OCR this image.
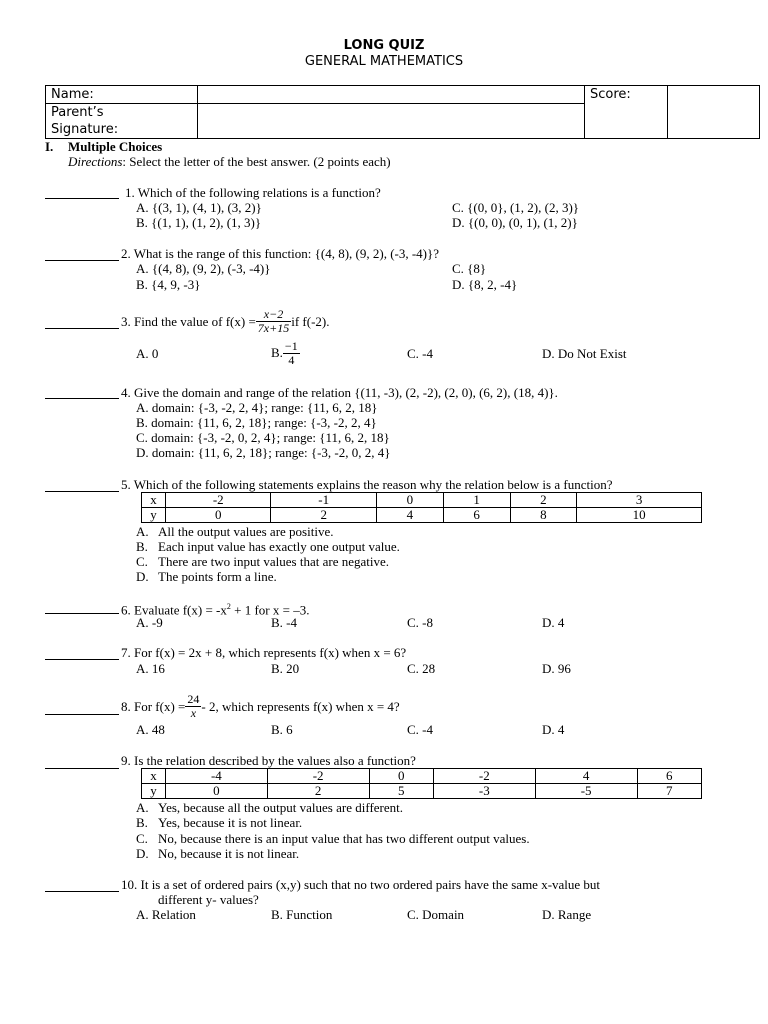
LONG QUIZ
GENERAL MATHEMATICS
Name:		Score:	
Parent’s
Signature:			
I. Multiple Choices
Directions: Select the letter of the best answer. (2 points each)
1. Which of the following relations is a function?
A. {(3, 1), (4, 1), (3, 2)}	C. {(0, 0}, (1, 2), (2, 3)}
B. {(1, 1), (1, 2), (1, 3)}	D. {(0, 0), (0, 1), (1, 2)}
2. What is the range of this function: {(4, 8), (9, 2), (-3, -4)}?
A. {(4, 8), (9, 2), (-3, -4)}	C. {8}
B. {4, 9, -3}	D. {8, 2, -4}
3. Find the value of $f(x) = \frac{x-2}{7x+15}$ if f(-2).
A. 0	B. $\frac{-1}{4}$	C. -4	D. Do Not Exist
4. Give the domain and range of the relation {(11, -3), (2, -2), (2, 0), (6, 2), (18, 4)}.
A. domain: {-3, -2, 2, 4}; range: {11, 6, 2, 18}
B. domain: {11, 6, 2, 18}; range: {-3, -2, 2, 4}
C. domain: {-3, -2, 0, 2, 4}; range: {11, 6, 2, 18}
D. domain: {11, 6, 2, 18}; range: {-3, -2, 0, 2, 4}
5. Which of the following statements explains the reason why the relation below is a function?
x	-2	-1	0	1	2	3
y	0	2	4	6	8	10
A. All the output values are positive.
B. Each input value has exactly one output value.
C. There are two input values that are negative.
D. The points form a line.
6. Evaluate $f(x) = -x^2 + 1$ for x = –3.
A. -9	B. -4	C. -8	D. 4
7. For f(x) = 2x + 8, which represents f(x) when x = 6?
A. 16	B. 20	C. 28	D. 96
8. For $f(x) = \frac{24}{x} - 2$, which represents f(x) when x = 4?
A. 48	B. 6	C. -4	D. 4
9. Is the relation described by the values also a function?
x	-4	-2	0	-2	4	6
y	0	2	5	-3	-5	7
A. Yes, because all the output values are different.
B. Yes, because it is not linear.
C. No, because there is an input value that has two different output values.
D. No, because it is not linear.
10. It is a set of ordered pairs (x,y) such that no two ordered pairs have the same x-value but
different y- values?
A. Relation	B. Function	C. Domain	D. Range
